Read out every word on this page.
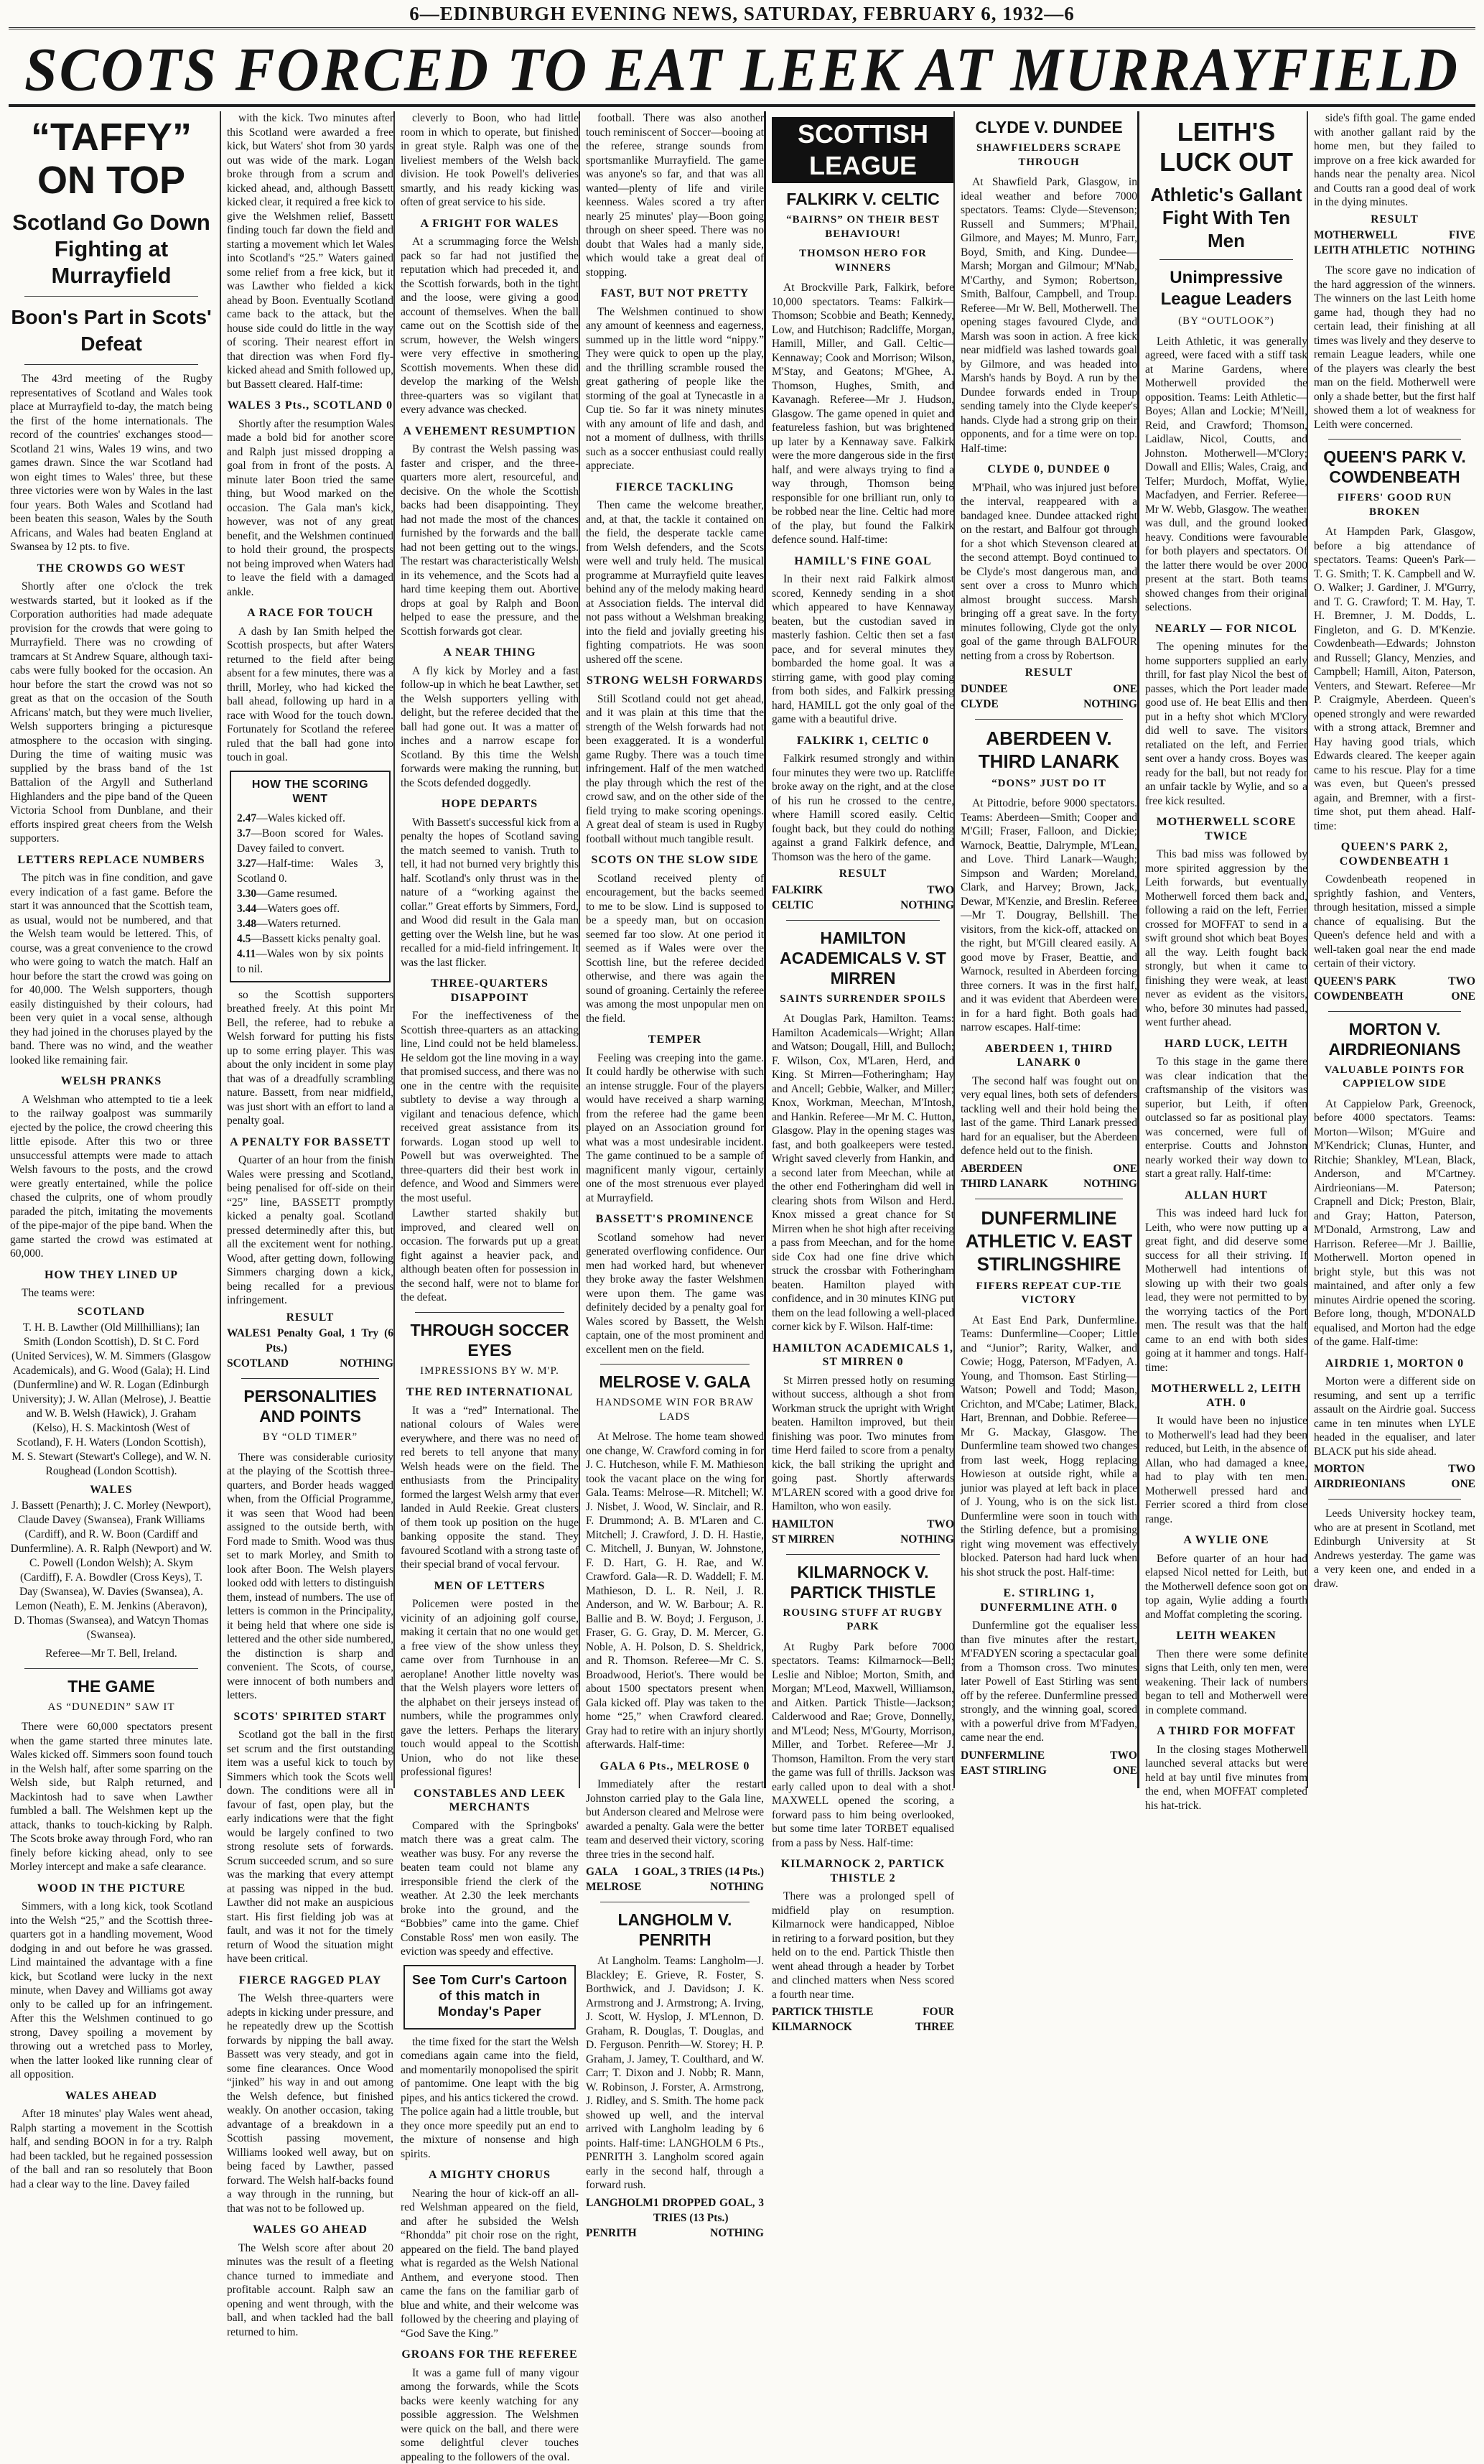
6—EDINBURGH EVENING NEWS, SATURDAY, FEBRUARY 6, 1932—6
SCOTS FORCED TO EAT LEEK AT MURRAYFIELD
“TAFFY” ON TOP
Scotland Go Down Fighting at Murrayfield
Boon's Part in Scots' Defeat

The 43rd meeting of the Rugby representatives of Scotland and Wales took place at Murrayfield to-day, the match being the first of the home internationals. The record of the countries' exchanges stood—Scotland 21 wins, Wales 19 wins, and two games drawn. Since the war Scotland had won eight times to Wales' three, but these three victories were won by Wales in the last four years. Both Wales and Scotland had been beaten this season, Wales by the South Africans, and Wales had beaten England at Swansea by 12 pts. to five.

THE CROWDS GO WEST

Shortly after one o'clock the trek westwards started, but it looked as if the Corporation authorities had made adequate provision for the crowds that were going to Murrayfield. There was no crowding of tramcars at St Andrew Square, although taxi-cabs were fully booked for the occasion. An hour before the start the crowd was not so great as that on the occasion of the South Africans' match, but they were much livelier, Welsh supporters bringing a picturesque atmosphere to the occasion with singing. During the time of waiting music was supplied by the brass band of the 1st Battalion of the Argyll and Sutherland Highlanders and the pipe band of the Queen Victoria School from Dunblane, and their efforts inspired great cheers from the Welsh supporters.

LETTERS REPLACE NUMBERS

The pitch was in fine condition, and gave every indication of a fast game. Before the start it was announced that the Scottish team, as usual, would not be numbered, and that the Welsh team would be lettered. This, of course, was a great convenience to the crowd who were going to watch the match. Half an hour before the start the crowd was going on for 40,000. The Welsh supporters, though easily distinguished by their colours, had been very quiet in a vocal sense, although they had joined in the choruses played by the band. There was no wind, and the weather looked like remaining fair.

WELSH PRANKS

A Welshman who attempted to tie a leek to the railway goalpost was summarily ejected by the police, the crowd cheering this little episode. After this two or three unsuccessful attempts were made to attach Welsh favours to the posts, and the crowd were greatly entertained, while the police chased the culprits, one of whom proudly paraded the pitch, imitating the movements of the pipe-major of the pipe band. When the game started the crowd was estimated at 60,000.

HOW THEY LINED UP

The teams were:

SCOTLAND
T. H. B. Lawther (Old Millhillians); Ian Smith (London Scottish), D. St C. Ford (United Services), W. M. Simmers (Glasgow Academicals), and G. Wood (Gala); H. Lind (Dunfermline) and W. R. Logan (Edinburgh University); J. W. Allan (Melrose), J. Beattie and W. B. Welsh (Hawick), J. Graham (Kelso), H. S. Mackintosh (West of Scotland), F. H. Waters (London Scottish), M. S. Stewart (Stewart's College), and W. N. Roughead (London Scottish).
WALES
J. Bassett (Penarth); J. C. Morley (Newport), Claude Davey (Swansea), Frank Williams (Cardiff), and R. W. Boon (Cardiff and Dunfermline). A. R. Ralph (Newport) and W. C. Powell (London Welsh); A. Skym (Cardiff), F. A. Bowdler (Cross Keys), T. Day (Swansea), W. Davies (Swansea), A. Lemon (Neath), E. M. Jenkins (Aberavon), D. Thomas (Swansea), and Watcyn Thomas (Swansea).
Referee—Mr T. Bell, Ireland.
THE GAME
AS “DUNEDIN” SAW IT

There were 60,000 spectators present when the game started three minutes late. Wales kicked off. Simmers soon found touch in the Welsh half, after some sparring on the Welsh side, but Ralph returned, and Mackintosh had to save when Lawther fumbled a ball. The Welshmen kept up the attack, thanks to touch-kicking by Ralph. The Scots broke away through Ford, who ran finely before kicking ahead, only to see Morley intercept and make a safe clearance.

WOOD IN THE PICTURE

Simmers, with a long kick, took Scotland into the Welsh “25,” and the Scottish three-quarters got in a handling movement, Wood dodging in and out before he was grassed. Lind maintained the advantage with a fine kick, but Scotland were lucky in the next minute, when Davey and Williams got away only to be called up for an infringement. After this the Welshmen continued to go strong, Davey spoiling a movement by throwing out a wretched pass to Morley, when the latter looked like running clear of all opposition.

WALES AHEAD

After 18 minutes' play Wales went ahead, Ralph starting a movement in the Scottish half, and sending BOON in for a try. Ralph had been tackled, but he regained possession of the ball and ran so resolutely that Boon had a clear way to the line. Davey failed

with the kick. Two minutes after this Scotland were awarded a free kick, but Waters' shot from 30 yards out was wide of the mark. Logan broke through from a scrum and kicked ahead, and, although Bassett kicked clear, it required a free kick to give the Welshmen relief, Bassett finding touch far down the field and starting a movement which let Wales into Scotland's “25.” Waters gained some relief from a free kick, but it was Lawther who fielded a kick ahead by Boon. Eventually Scotland came back to the attack, but the house side could do little in the way of scoring. Their nearest effort in that direction was when Ford fly-kicked ahead and Smith followed up, but Bassett cleared. Half-time:

WALES 3 Pts., SCOTLAND 0

Shortly after the resumption Wales made a bold bid for another score and Ralph just missed dropping a goal from in front of the posts. A minute later Boon tried the same thing, but Wood marked on the occasion. The Gala man's kick, however, was not of any great benefit, and the Welshmen continued to hold their ground, the prospects not being improved when Waters had to leave the field with a damaged ankle.

A RACE FOR TOUCH

A dash by Ian Smith helped the Scottish prospects, but after Waters returned to the field after being absent for a few minutes, there was a thrill, Morley, who had kicked the ball ahead, following up hard in a race with Wood for the touch down. Fortunately for Scotland the referee ruled that the ball had gone into touch in goal.

HOW THE SCORING WENT
2.47—Wales kicked off.
3.7—Boon scored for Wales. Davey failed to convert.
3.27—Half-time: Wales 3, Scotland 0.
3.30—Game resumed.
3.44—Waters goes off.
3.48—Waters returned.
4.5—Bassett kicks penalty goal.
4.11—Wales won by six points to nil.

so the Scottish supporters breathed freely. At this point Mr Bell, the referee, had to rebuke a Welsh forward for putting his fists up to some erring player. This was about the only incident in some play that was of a dreadfully scrambling nature. Bassett, from near midfield, was just short with an effort to land a penalty goal.

A PENALTY FOR BASSETT

Quarter of an hour from the finish Wales were pressing and Scotland, being penalised for off-side on their “25” line, BASSETT promptly kicked a penalty goal. Scotland pressed determinedly after this, but all the excitement went for nothing. Wood, after getting down, following Simmers charging down a kick, being recalled for a previous infringement.

RESULT
WALES 1 Penalty Goal, 1 Try (6 Pts.)
SCOTLAND	NOTHING
PERSONALITIES AND POINTS
BY “OLD TIMER”

There was considerable curiosity at the playing of the Scottish three-quarters, and Border heads wagged when, from the Official Programme, it was seen that Wood had been assigned to the outside berth, with Ford made to Smith. Wood was thus set to mark Morley, and Smith to look after Boon. The Welsh players looked odd with letters to distinguish them, instead of numbers. The use of letters is common in the Principality, it being held that where one side is lettered and the other side numbered, the distinction is sharp and convenient. The Scots, of course, were innocent of both numbers and letters.

SCOTS' SPIRITED START

Scotland got the ball in the first set scrum and the first outstanding item was a useful kick to touch by Simmers which took the Scots well down. The conditions were all in favour of fast, open play, but the early indications were that the fight would be largely confined to two strong resolute sets of forwards. Scrum succeeded scrum, and so sure was the marking that every attempt at passing was nipped in the bud. Lawther did not make an auspicious start. His first fielding job was at fault, and was it not for the timely return of Wood the situation might have been critical.

FIERCE RAGGED PLAY

The Welsh three-quarters were adepts in kicking under pressure, and he repeatedly drew up the Scottish forwards by nipping the ball away. Bassett was very steady, and got in some fine clearances. Once Wood “jinked” his way in and out among the Welsh defence, but finished weakly. On another occasion, taking advantage of a breakdown in a Scottish passing movement, Williams looked well away, but on being faced by Lawther, passed forward. The Welsh half-backs found a way through in the running, but that was not to be followed up.

WALES GO AHEAD

The Welsh score after about 20 minutes was the result of a fleeting chance turned to immediate and profitable account. Ralph saw an opening and went through, with the ball, and when tackled had the ball returned to him.

cleverly to Boon, who had little room in which to operate, but finished in great style. Ralph was one of the liveliest members of the Welsh back division. He took Powell's deliveries smartly, and his ready kicking was often of great service to his side.

A FRIGHT FOR WALES

At a scrummaging force the Welsh pack so far had not justified the reputation which had preceded it, and the Scottish forwards, both in the tight and the loose, were giving a good account of themselves. When the ball came out on the Scottish side of the scrum, however, the Welsh wingers were very effective in smothering Scottish movements. When these did develop the marking of the Welsh three-quarters was so vigilant that every advance was checked.

A VEHEMENT RESUMPTION

By contrast the Welsh passing was faster and crisper, and the three-quarters more alert, resourceful, and decisive. On the whole the Scottish backs had been disappointing. They had not made the most of the chances furnished by the forwards and the ball had not been getting out to the wings. The restart was characteristically Welsh in its vehemence, and the Scots had a hard time keeping them out. Abortive drops at goal by Ralph and Boon helped to ease the pressure, and the Scottish forwards got clear.

A NEAR THING

A fly kick by Morley and a fast follow-up in which he beat Lawther, set the Welsh supporters yelling with delight, but the referee decided that the ball had gone out. It was a matter of inches and a narrow escape for Scotland. By this time the Welsh forwards were making the running, but the Scots defended doggedly.

HOPE DEPARTS

With Bassett's successful kick from a penalty the hopes of Scotland saving the match seemed to vanish. Truth to tell, it had not burned very brightly this half. Scotland's only thrust was in the nature of a “working against the collar.” Great efforts by Simmers, Ford, and Wood did result in the Gala man getting over the Welsh line, but he was recalled for a mid-field infringement. It was the last flicker.

THREE-QUARTERS DISAPPOINT

For the ineffectiveness of the Scottish three-quarters as an attacking line, Lind could not be held blameless. He seldom got the line moving in a way that promised success, and there was no one in the centre with the requisite subtlety to devise a way through a vigilant and tenacious defence, which received great assistance from its forwards. Logan stood up well to Powell but was overweighted. The three-quarters did their best work in defence, and Wood and Simmers were the most useful.

Lawther started shakily but improved, and cleared well on occasion. The forwards put up a great fight against a heavier pack, and although beaten often for possession in the second half, were not to blame for the defeat.

THROUGH SOCCER EYES
IMPRESSIONS BY W. M'P.
THE RED INTERNATIONAL

It was a “red” International. The national colours of Wales were everywhere, and there was no need of red berets to tell anyone that many Welsh heads were on the field. The enthusiasts from the Principality formed the largest Welsh army that ever landed in Auld Reekie. Great clusters of them took up position on the huge banking opposite the stand. They favoured Scotland with a strong taste of their special brand of vocal fervour.

MEN OF LETTERS

Policemen were posted in the vicinity of an adjoining golf course, making it certain that no one would get a free view of the show unless they came over from Turnhouse in an aeroplane! Another little novelty was that the Welsh players wore letters of the alphabet on their jerseys instead of numbers, while the programmes only gave the letters. Perhaps the literary touch would appeal to the Scottish Union, who do not like these professional figures!

CONSTABLES AND LEEK MERCHANTS

Compared with the Springboks' match there was a great calm. The weather was busy. For any reverse the beaten team could not blame any irresponsible friend the clerk of the weather. At 2.30 the leek merchants broke into the ground, and the “Bobbies” came into the game. Chief Constable Ross' men won easily. The eviction was speedy and effective.

See Tom Curr's Cartoon of this match in Monday's Paper

the time fixed for the start the Welsh comedians again came into the field, and momentarily monopolised the spirit of pantomime. One leapt with the big pipes, and his antics tickered the crowd. The police again had a little trouble, but they once more speedily put an end to the mixture of nonsense and high spirits.

A MIGHTY CHORUS

Nearing the hour of kick-off an all-red Welshman appeared on the field, and after he subsided the Welsh “Rhondda” pit choir rose on the right, appeared on the field. The band played what is regarded as the Welsh National Anthem, and everyone stood. Then came the fans on the familiar garb of blue and white, and their welcome was followed by the cheering and playing of “God Save the King.”

GROANS FOR THE REFEREE

It was a game full of many vigour among the forwards, while the Scots backs were keenly watching for any possible aggression. The Welshmen were quick on the ball, and there were some delightful clever touches appealing to the followers of the oval.

football. There was also another touch reminiscent of Soccer—booing at the referee, strange sounds from sportsmanlike Murrayfield. The game was anyone's so far, and that was all wanted—plenty of life and virile keenness. Wales scored a try after nearly 25 minutes' play—Boon going through on sheer speed. There was no doubt that Wales had a manly side, which would take a great deal of stopping.

FAST, BUT NOT PRETTY

The Welshmen continued to show any amount of keenness and eagerness, summed up in the little word “nippy.” They were quick to open up the play, and the thrilling scramble roused the great gathering of people like the storming of the goal at Tynecastle in a Cup tie. So far it was ninety minutes with any amount of life and dash, and not a moment of dullness, with thrills such as a soccer enthusiast could really appreciate.

FIERCE TACKLING

Then came the welcome breather, and, at that, the tackle it contained on the field, the desperate tackle came from Welsh defenders, and the Scots were well and truly held. The musical programme at Murrayfield quite leaves behind any of the melody making heard at Association fields. The interval did not pass without a Welshman breaking into the field and jovially greeting his fighting compatriots. He was soon ushered off the scene.

STRONG WELSH FORWARDS

Still Scotland could not get ahead, and it was plain at this time that the strength of the Welsh forwards had not been exaggerated. It is a wonderful game Rugby. There was a touch time infringement. Half of the men watched the play through which the rest of the crowd saw, and on the other side of the field trying to make scoring openings. A great deal of steam is used in Rugby football without much tangible result.

SCOTS ON THE SLOW SIDE

Scotland received plenty of encouragement, but the backs seemed to me to be slow. Lind is supposed to be a speedy man, but on occasion seemed far too slow. At one period it seemed as if Wales were over the Scottish line, but the referee decided otherwise, and there was again the sound of groaning. Certainly the referee was among the most unpopular men on the field.

TEMPER

Feeling was creeping into the game. It could hardly be otherwise with such an intense struggle. Four of the players would have received a sharp warning from the referee had the game been played on an Association ground for what was a most undesirable incident. The game continued to be a sample of magnificent manly vigour, certainly one of the most strenuous ever played at Murrayfield.

BASSETT'S PROMINENCE

Scotland somehow had never generated overflowing confidence. Our men had worked hard, but whenever they broke away the faster Welshmen were upon them. The game was definitely decided by a penalty goal for Wales scored by Bassett, the Welsh captain, one of the most prominent and excellent men on the field.

MELROSE V. GALA
HANDSOME WIN FOR BRAW LADS

At Melrose. The home team showed one change, W. Crawford coming in for J. C. Hutcheson, while F. M. Mathieson took the vacant place on the wing for Gala. Teams: Melrose—R. Mitchell; W. J. Nisbet, J. Wood, W. Sinclair, and R. F. Drummond; A. B. M'Laren and C. Mitchell; J. Crawford, J. D. H. Hastie, C. Mitchell, J. Bunyan, W. Johnstone, F. D. Hart, G. H. Rae, and W. Crawford. Gala—R. D. Waddell; F. M. Mathieson, D. L. R. Neil, J. R. Anderson, and W. W. Barbour; A. R. Ballie and B. W. Boyd; J. Ferguson, J. Fraser, G. G. Gray, D. M. Mercer, G. Noble, A. H. Polson, D. S. Sheldrick, and R. Thomson. Referee—Mr C. S. Broadwood, Heriot's. There would be about 1500 spectators present when Gala kicked off. Play was taken to the home “25,” when Crawford cleared. Gray had to retire with an injury shortly afterwards. Half-time:

GALA 6 Pts., MELROSE 0

Immediately after the restart Johnston carried play to the Gala line, but Anderson cleared and Melrose were awarded a penalty. Gala were the better team and deserved their victory, scoring three tries in the second half.

GALA 1 GOAL, 3 TRIES (14 Pts.)
MELROSE	NOTHING
LANGHOLM V. PENRITH

At Langholm. Teams: Langholm—J. Blackley; E. Grieve, R. Foster, S. Borthwick, and J. Davidson; J. K. Armstrong and J. Armstrong; A. Irving, J. Scott, W. Hyslop, J. M'Lennon, D. Graham, R. Douglas, T. Douglas, and D. Ferguson. Penrith—W. Storey; H. P. Graham, J. Jamey, T. Coulthard, and W. Carr; T. Dixon and J. Nobb; R. Mann, W. Robinson, J. Forster, A. Armstrong, J. Ridley, and S. Smith. The home pack showed up well, and the interval arrived with Langholm leading by 6 points. Half-time: LANGHOLM 6 Pts., PENRITH 3. Langholm scored again early in the second half, through a forward rush.

LANGHOLM 1 DROPPED GOAL, 3 TRIES (13 Pts.)
PENRITH	NOTHING
SCOTTISH LEAGUE
FALKIRK V. CELTIC
“BAIRNS” ON THEIR BEST BEHAVIOUR!
THOMSON HERO FOR WINNERS

At Brockville Park, Falkirk, before 10,000 spectators. Teams: Falkirk—Thomson; Scobbie and Beath; Kennedy, Low, and Hutchison; Radcliffe, Morgan, Hamill, Miller, and Gall. Celtic—Kennaway; Cook and Morrison; Wilson, M'Stay, and Geatons; M'Ghee, A. Thomson, Hughes, Smith, and Kavanagh. Referee—Mr J. Hudson, Glasgow. The game opened in quiet and featureless fashion, but was brightened up later by a Kennaway save. Falkirk were the more dangerous side in the first half, and were always trying to find a way through, Thomson being responsible for one brilliant run, only to be robbed near the line. Celtic had more of the play, but found the Falkirk defence sound. Half-time:

HAMILL'S FINE GOAL

In their next raid Falkirk almost scored, Kennedy sending in a shot which appeared to have Kennaway beaten, but the custodian saved in masterly fashion. Celtic then set a fast pace, and for several minutes they bombarded the home goal. It was a stirring game, with good play coming from both sides, and Falkirk pressing hard, HAMILL got the only goal of the game with a beautiful drive.

FALKIRK 1, CELTIC 0

Falkirk resumed strongly and within four minutes they were two up. Ratcliffe broke away on the right, and at the close of his run he crossed to the centre, where Hamill scored easily. Celtic fought back, but they could do nothing against a grand Falkirk defence, and Thomson was the hero of the game.

RESULT
FALKIRK	TWO
CELTIC	NOTHING
HAMILTON ACADEMICALS V. ST MIRREN
SAINTS SURRENDER SPOILS

At Douglas Park, Hamilton. Teams: Hamilton Academicals—Wright; Allan and Watson; Dougall, Hill, and Bulloch; F. Wilson, Cox, M'Laren, Herd, and King. St Mirren—Fotheringham; Hay and Ancell; Gebbie, Walker, and Miller; Knox, Workman, Meechan, M'Intosh, and Hankin. Referee—Mr M. C. Hutton, Glasgow. Play in the opening stages was fast, and both goalkeepers were tested. Wright saved cleverly from Hankin, and a second later from Meechan, while at the other end Fotheringham did well in clearing shots from Wilson and Herd. Knox missed a great chance for St Mirren when he shot high after receiving a pass from Meechan, and for the home side Cox had one fine drive which struck the crossbar with Fotheringham beaten. Hamilton played with confidence, and in 30 minutes KING put them on the lead following a well-placed corner kick by F. Wilson. Half-time:

HAMILTON ACADEMICALS 1, ST MIRREN 0

St Mirren pressed hotly on resuming without success, although a shot from Workman struck the upright with Wright beaten. Hamilton improved, but their finishing was poor. Two minutes from time Herd failed to score from a penalty kick, the ball striking the upright and going past. Shortly afterwards M'LAREN scored with a good drive for Hamilton, who won easily.

HAMILTON	TWO
ST MIRREN	NOTHING
KILMARNOCK V. PARTICK THISTLE
ROUSING STUFF AT RUGBY PARK

At Rugby Park before 7000 spectators. Teams: Kilmarnock—Bell; Leslie and Nibloe; Morton, Smith, and Morgan; M'Leod, Maxwell, Williamson, and Aitken. Partick Thistle—Jackson; Calderwood and Rae; Grove, Donnelly, and M'Leod; Ness, M'Gourty, Morrison, Miller, and Torbet. Referee—Mr J. Thomson, Hamilton. From the very start the game was full of thrills. Jackson was early called upon to deal with a shot. MAXWELL opened the scoring, a forward pass to him being overlooked, but some time later TORBET equalised from a pass by Ness. Half-time:

KILMARNOCK 2, PARTICK THISTLE 2

There was a prolonged spell of midfield play on resumption. Kilmarnock were handicapped, Nibloe in retiring to a forward position, but they held on to the end. Partick Thistle then went ahead through a header by Torbet and clinched matters when Ness scored a fourth near time.

PARTICK THISTLE	FOUR
KILMARNOCK	THREE
CLYDE V. DUNDEE
SHAWFIELDERS SCRAPE THROUGH

At Shawfield Park, Glasgow, in ideal weather and before 7000 spectators. Teams: Clyde—Stevenson; Russell and Summers; M'Phail, Gilmore, and Mayes; M. Munro, Farr, Boyd, Smith, and King. Dundee—Marsh; Morgan and Gilmour; M'Nab, M'Carthy, and Symon; Robertson, Smith, Balfour, Campbell, and Troup. Referee—Mr W. Bell, Motherwell. The opening stages favoured Clyde, and Marsh was soon in action. A free kick near midfield was lashed towards goal by Gilmore, and was headed into Marsh's hands by Boyd. A run by the Dundee forwards ended in Troup sending tamely into the Clyde keeper's hands. Clyde had a strong grip on their opponents, and for a time were on top. Half-time:

CLYDE 0, DUNDEE 0

M'Phail, who was injured just before the interval, reappeared with a bandaged knee. Dundee attacked right on the restart, and Balfour got through for a shot which Stevenson cleared at the second attempt. Boyd continued to be Clyde's most dangerous man, and sent over a cross to Munro which almost brought success. Marsh bringing off a great save. In the forty minutes following, Clyde got the only goal of the game through BALFOUR netting from a cross by Robertson.

RESULT
DUNDEE	ONE
CLYDE	NOTHING
ABERDEEN V. THIRD LANARK
“DONS” JUST DO IT

At Pittodrie, before 9000 spectators. Teams: Aberdeen—Smith; Cooper and M'Gill; Fraser, Falloon, and Dickie; Warnock, Beattie, Dalrymple, M'Lean, and Love. Third Lanark—Waugh; Simpson and Warden; Moreland, Clark, and Harvey; Brown, Jack, Dewar, M'Kenzie, and Breslin. Referee—Mr T. Dougray, Bellshill. The visitors, from the kick-off, attacked on the right, but M'Gill cleared easily. A good move by Fraser, Beattie, and Warnock, resulted in Aberdeen forcing three corners. It was in the first half, and it was evident that Aberdeen were in for a hard fight. Both goals had narrow escapes. Half-time:

ABERDEEN 1, THIRD LANARK 0

The second half was fought out on very equal lines, both sets of defenders tackling well and their hold being the last of the game. Third Lanark pressed hard for an equaliser, but the Aberdeen defence held out to the finish.

ABERDEEN	ONE
THIRD LANARK	NOTHING
DUNFERMLINE ATHLETIC V. EAST STIRLINGSHIRE
FIFERS REPEAT CUP-TIE VICTORY

At East End Park, Dunfermline. Teams: Dunfermline—Cooper; Little and “Junior”; Rarity, Walker, and Cowie; Hogg, Paterson, M'Fadyen, A. Young, and Thomson. East Stirling—Watson; Powell and Todd; Mason, Crichton, and M'Cabe; Latimer, Black, Hart, Brennan, and Dobbie. Referee—Mr G. Mackay, Glasgow. The Dunfermline team showed two changes from last week, Hogg replacing Howieson at outside right, while a junior was played at left back in place of J. Young, who is on the sick list. Dunfermline were soon in touch with the Stirling defence, but a promising right wing movement was effectively blocked. Paterson had hard luck when his shot struck the post. Half-time:

E. STIRLING 1, DUNFERMLINE ATH. 0

Dunfermline got the equaliser less than five minutes after the restart, M'FADYEN scoring a spectacular goal from a Thomson cross. Two minutes later Powell of East Stirling was sent off by the referee. Dunfermline pressed strongly, and the winning goal, scored with a powerful drive from M'Fadyen, came near the end.

DUNFERMLINE	TWO
EAST STIRLING	ONE
LEITH'S LUCK OUT
Athletic's Gallant Fight With Ten Men
Unimpressive League Leaders
(BY “OUTLOOK”)

Leith Athletic, it was generally agreed, were faced with a stiff task at Marine Gardens, where Motherwell provided the opposition. Teams: Leith Athletic—Boyes; Allan and Lockie; M'Neill, Reid, and Crawford; Thomson, Laidlaw, Nicol, Coutts, and Johnston. Motherwell—M'Clory; Dowall and Ellis; Wales, Craig, and Telfer; Murdoch, Moffat, Wylie, Macfadyen, and Ferrier. Referee—Mr W. Webb, Glasgow. The weather was dull, and the ground looked heavy. Conditions were favourable for both players and spectators. Of the latter there would be over 2000 present at the start. Both teams showed changes from their original selections.

NEARLY — FOR NICOL

The opening minutes for the home supporters supplied an early thrill, for fast play Nicol the best of passes, which the Port leader made good use of. He beat Ellis and then put in a hefty shot which M'Clory did well to save. The visitors retaliated on the left, and Ferrier sent over a handy cross. Boyes was ready for the ball, but not ready for an unfair tackle by Wylie, and so a free kick resulted.

MOTHERWELL SCORE TWICE

This bad miss was followed by more spirited aggression by the Leith forwards, but eventually Motherwell forced them back and, following a raid on the left, Ferrier crossed for MOFFAT to send in a swift ground shot which beat Boyes all the way. Leith fought back strongly, but when it came to finishing they were weak, at least never as evident as the visitors, who, before 30 minutes had passed, went further ahead.

HARD LUCK, LEITH

To this stage in the game there was clear indication that the craftsmanship of the visitors was superior, but Leith, if often outclassed so far as positional play was concerned, were full of enterprise. Coutts and Johnston nearly worked their way down to start a great rally. Half-time:

ALLAN HURT

This was indeed hard luck for Leith, who were now putting up a great fight, and did deserve some success for all their striving. If Motherwell had intentions of slowing up with their two goals lead, they were not permitted to by the worrying tactics of the Port men. The result was that the half came to an end with both sides going at it hammer and tongs. Half-time:

MOTHERWELL 2, LEITH ATH. 0

It would have been no injustice to Motherwell's lead had they been reduced, but Leith, in the absence of Allan, who had damaged a knee, had to play with ten men. Motherwell pressed hard and Ferrier scored a third from close range.

A WYLIE ONE

Before quarter of an hour had elapsed Nicol netted for Leith, but the Motherwell defence soon got on top again, Wylie adding a fourth and Moffat completing the scoring.

LEITH WEAKEN

Then there were some definite signs that Leith, only ten men, were weakening. Their lack of numbers began to tell and Motherwell were in complete command.

A THIRD FOR MOFFAT

In the closing stages Motherwell launched several attacks but were held at bay until five minutes from the end, when MOFFAT completed his hat-trick.

side's fifth goal. The game ended with another gallant raid by the home men, but they failed to improve on a free kick awarded for hands near the penalty area. Nicol and Coutts ran a good deal of work in the dying minutes.

RESULT
MOTHERWELL	FIVE
LEITH ATHLETIC NOTHING

The score gave no indication of the hard aggression of the winners. The winners on the last Leith home game had, though they had no certain lead, their finishing at all times was lively and they deserve to remain League leaders, while one of the players was clearly the best man on the field. Motherwell were only a shade better, but the first half showed them a lot of weakness for Leith were concerned.

QUEEN'S PARK V. COWDENBEATH
FIFERS' GOOD RUN BROKEN

At Hampden Park, Glasgow, before a big attendance of spectators. Teams: Queen's Park—T. G. Smith; T. K. Campbell and W. O. Walker; J. Gardiner, J. M'Gurry, and T. G. Crawford; T. M. Hay, T. H. Bremner, J. M. Dodds, L. Fingleton, and G. D. M'Kenzie. Cowdenbeath—Edwards; Johnston and Russell; Glancy, Menzies, and Campbell; Hamill, Aiton, Paterson, Venters, and Stewart. Referee—Mr P. Craigmyle, Aberdeen. Queen's opened strongly and were rewarded with a strong attack, Bremner and Hay having good trials, which Edwards cleared. The keeper again came to his rescue. Play for a time was even, but Queen's pressed again, and Bremner, with a first-time shot, put them ahead. Half-time:

QUEEN'S PARK 2, COWDENBEATH 1

Cowdenbeath reopened in sprightly fashion, and Venters, through hesitation, missed a simple chance of equalising. But the Queen's defence held and with a well-taken goal near the end made certain of their victory.

QUEEN'S PARK	TWO
COWDENBEATH	ONE
MORTON V. AIRDRIEONIANS
VALUABLE POINTS FOR CAPPIELOW SIDE

At Cappielow Park, Greenock, before 4000 spectators. Teams: Morton—Wilson; M'Guire and M'Kendrick; Clunas, Hunter, and Ritchie; Shankley, M'Lean, Black, Anderson, and M'Cartney. Airdrieonians—M. Paterson; Crapnell and Dick; Preston, Blair, and Gray; Hatton, Paterson, M'Donald, Armstrong, Law and Harrison. Referee—Mr J. Baillie, Motherwell. Morton opened in bright style, but this was not maintained, and after only a few minutes Airdrie opened the scoring. Before long, though, M'DONALD equalised, and Morton had the edge of the game. Half-time:

AIRDRIE 1, MORTON 0

Morton were a different side on resuming, and sent up a terrific assault on the Airdrie goal. Success came in ten minutes when LYLE headed in the equaliser, and later BLACK put his side ahead.

MORTON	TWO
AIRDRIEONIANS	ONE

Leeds University hockey team, who are at present in Scotland, met Edinburgh University at St Andrews yesterday. The game was a very keen one, and ended in a draw.
